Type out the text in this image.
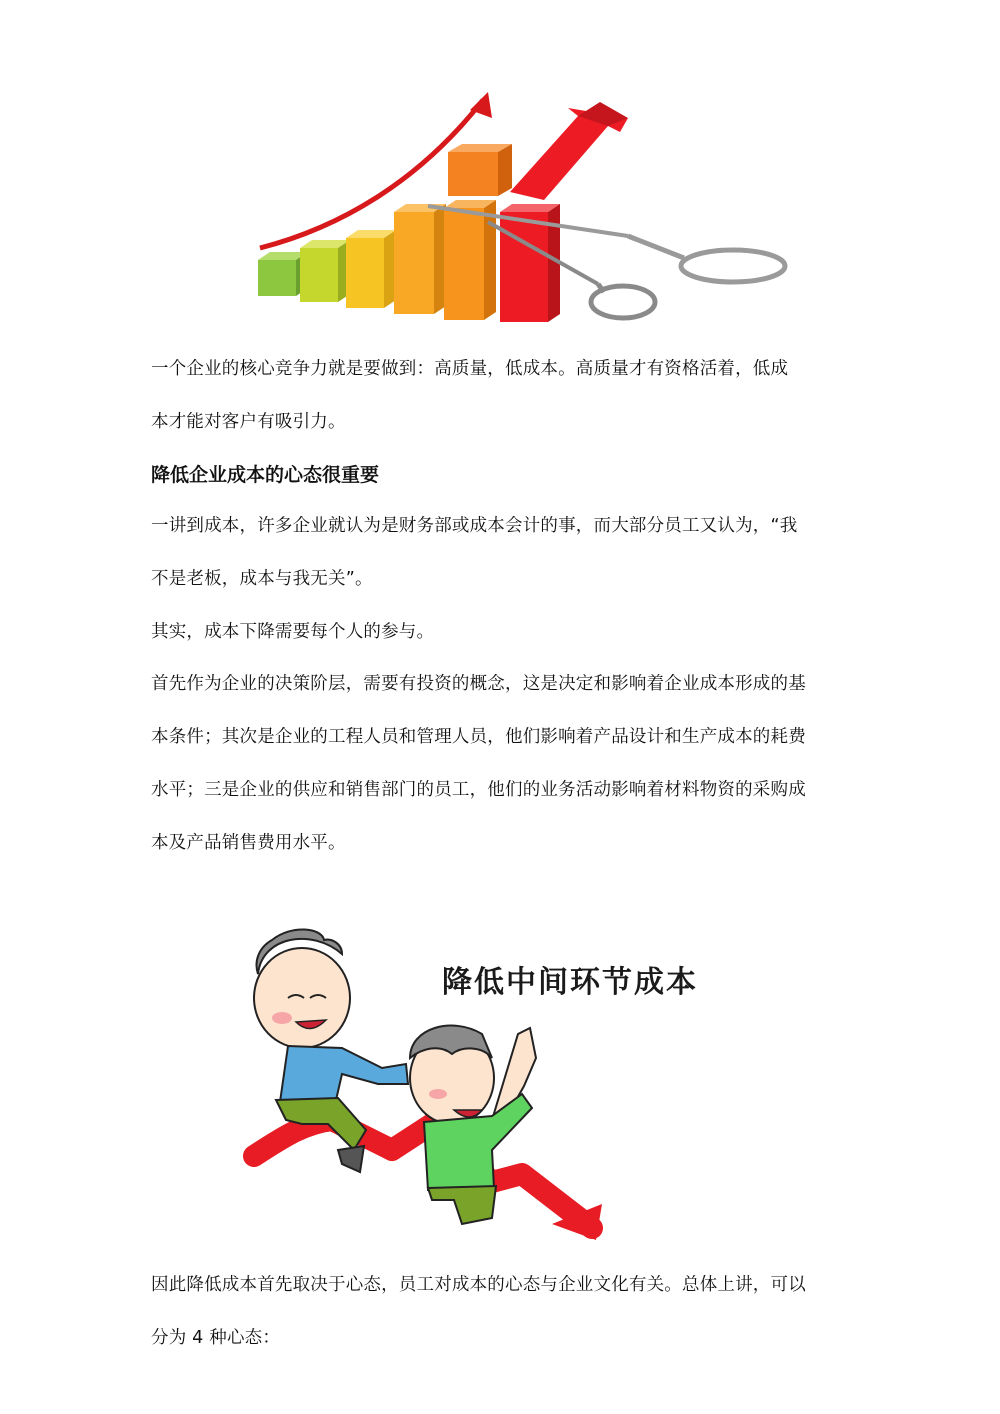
一个企业的核心竞争力就是要做到：高质量，低成本。高质量才有资格活着，低成
本才能对客户有吸引力。

降低企业成本的心态很重要

一讲到成本，许多企业就认为是财务部或成本会计的事，而大部分员工又认为，“我
不是老板，成本与我无关”。

其实，成本下降需要每个人的参与。

首先作为企业的决策阶层，需要有投资的概念，这是决定和影响着企业成本形成的基
本条件；其次是企业的工程人员和管理人员，他们影响着产品设计和生产成本的耗费
水平；三是企业的供应和销售部门的员工，他们的业务活动影响着材料物资的采购成
本及产品销售费用水平。

降低中间环节成本

因此降低成本首先取决于心态，员工对成本的心态与企业文化有关。总体上讲，可以
分为 4 种心态：
